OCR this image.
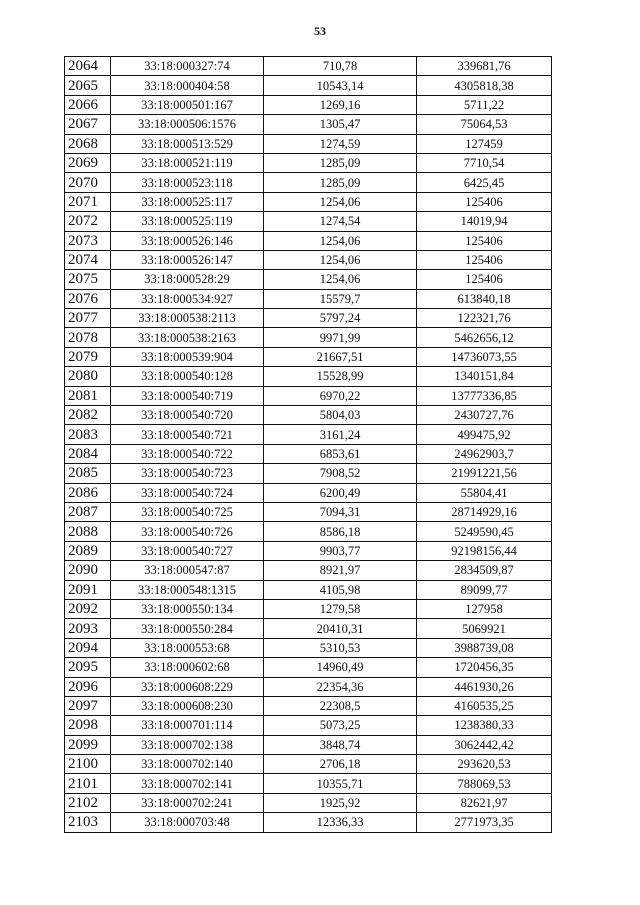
53
2064	33:18:000327:74	710,78	339681,76
2065	33:18:000404:58	10543,14	4305818,38
2066	33:18:000501:167	1269,16	5711,22
2067	33:18:000506:1576	1305,47	75064,53
2068	33:18:000513:529	1274,59	127459
2069	33:18:000521:119	1285,09	7710,54
2070	33:18:000523:118	1285,09	6425,45
2071	33:18:000525:117	1254,06	125406
2072	33:18:000525:119	1274,54	14019,94
2073	33:18:000526:146	1254,06	125406
2074	33:18:000526:147	1254,06	125406
2075	33:18:000528:29	1254,06	125406
2076	33:18:000534:927	15579,7	613840,18
2077	33:18:000538:2113	5797,24	122321,76
2078	33:18:000538:2163	9971,99	5462656,12
2079	33:18:000539:904	21667,51	14736073,55
2080	33:18:000540:128	15528,99	1340151,84
2081	33:18:000540:719	6970,22	13777336,85
2082	33:18:000540:720	5804,03	2430727,76
2083	33:18:000540:721	3161,24	499475,92
2084	33:18:000540:722	6853,61	24962903,7
2085	33:18:000540:723	7908,52	21991221,56
2086	33:18:000540:724	6200,49	55804,41
2087	33:18:000540:725	7094,31	28714929,16
2088	33:18:000540:726	8586,18	5249590,45
2089	33:18:000540:727	9903,77	92198156,44
2090	33:18:000547:87	8921,97	2834509,87
2091	33:18:000548:1315	4105,98	89099,77
2092	33:18:000550:134	1279,58	127958
2093	33:18:000550:284	20410,31	5069921
2094	33:18:000553:68	5310,53	3988739,08
2095	33:18:000602:68	14960,49	1720456,35
2096	33:18:000608:229	22354,36	4461930,26
2097	33:18:000608:230	22308,5	4160535,25
2098	33:18:000701:114	5073,25	1238380,33
2099	33:18:000702:138	3848,74	3062442,42
2100	33:18:000702:140	2706,18	293620,53
2101	33:18:000702:141	10355,71	788069,53
2102	33:18:000702:241	1925,92	82621,97
2103	33:18:000703:48	12336,33	2771973,35
